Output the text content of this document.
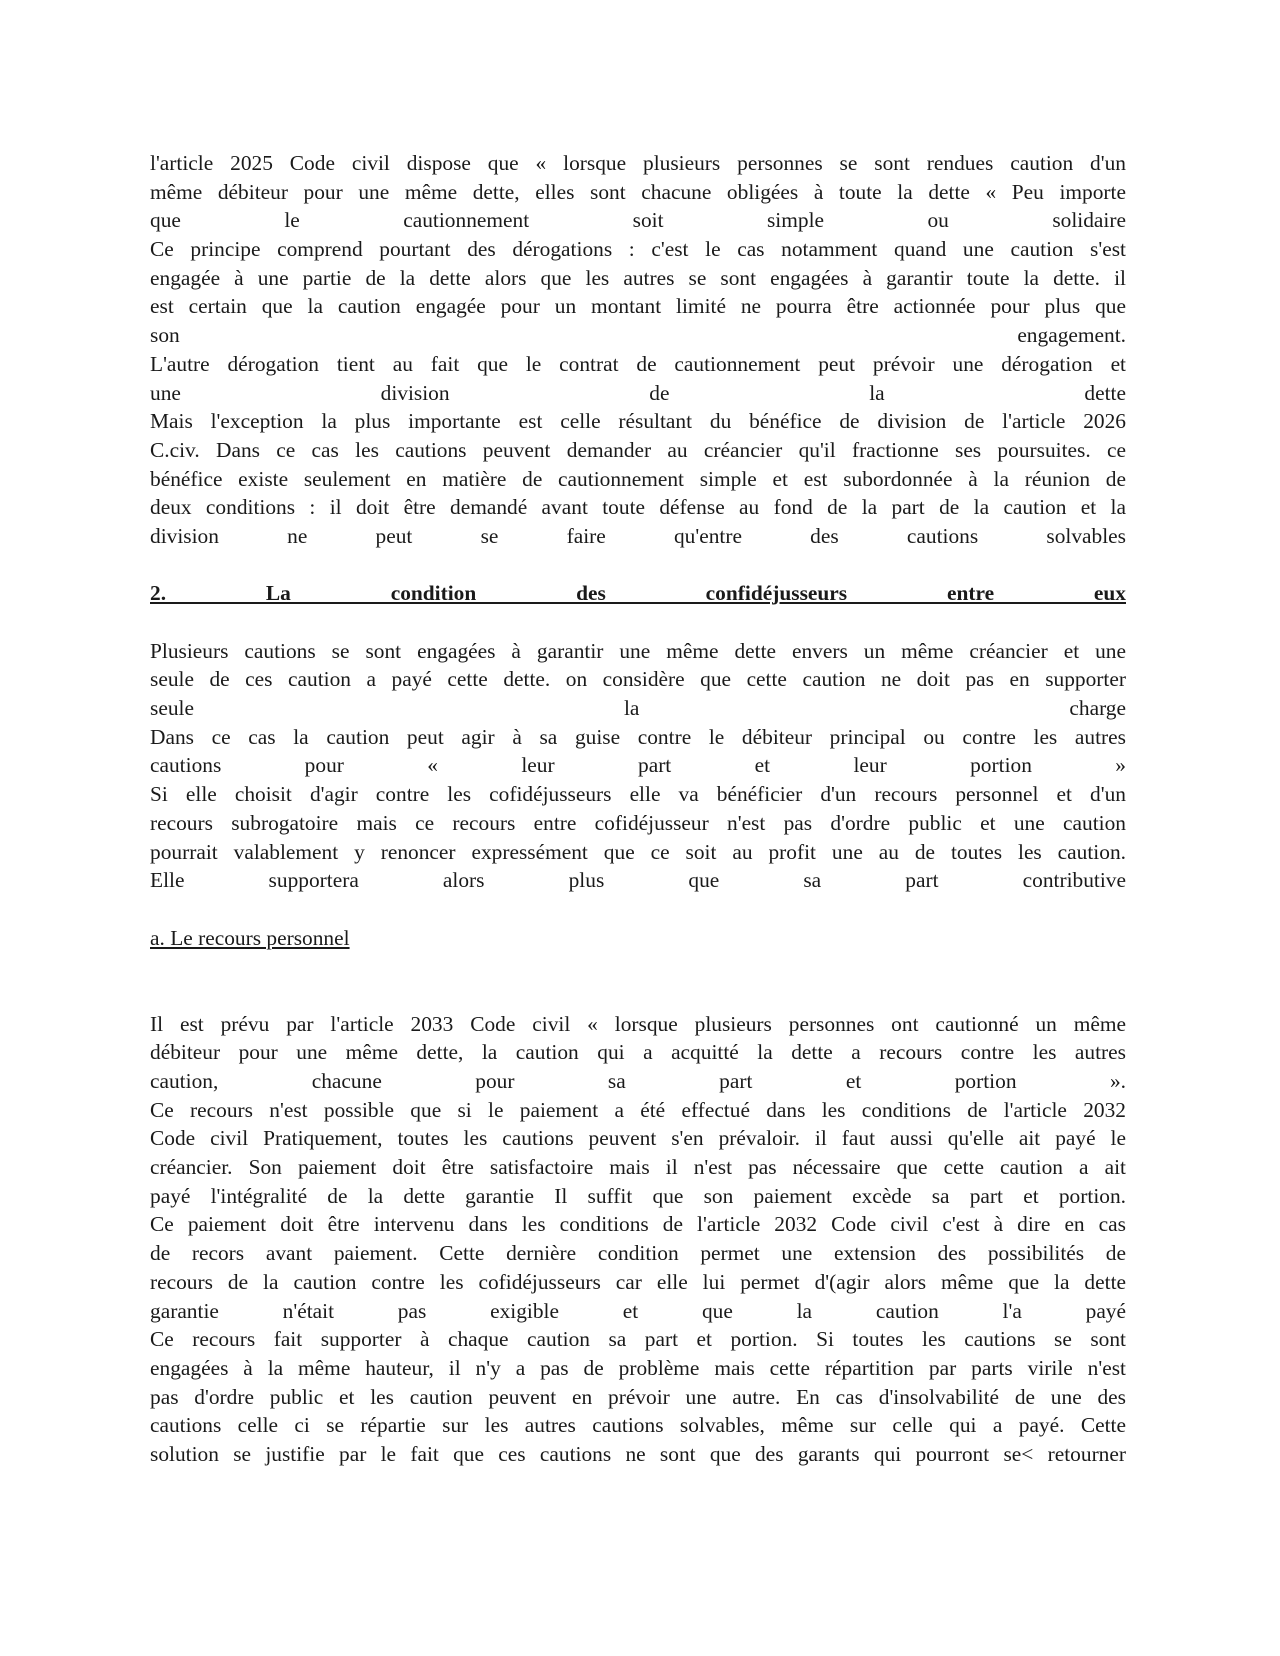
l'article 2025 Code civil dispose que « lorsque plusieurs personnes se sont rendues caution d'un
même débiteur pour une même dette, elles sont chacune obligées à toute la dette « Peu importe
que le cautionnement soit simple ou solidaire
Ce principe comprend pourtant des dérogations : c'est le cas notamment quand une caution s'est
engagée à une partie de la dette alors que les autres se sont engagées à garantir toute la dette. il
est certain que la caution engagée pour un montant limité ne pourra être actionnée pour plus que
son engagement.
L'autre dérogation tient au fait que le contrat de cautionnement peut prévoir une dérogation et
une division de la dette
Mais l'exception la plus importante est celle résultant du bénéfice de division de l'article 2026
C.civ. Dans ce cas les cautions peuvent demander au créancier qu'il fractionne ses poursuites. ce
bénéfice existe seulement en matière de cautionnement simple et est subordonnée à la réunion de
deux conditions : il doit être demandé avant toute défense au fond de la part de la caution et la
division ne peut se faire qu'entre des cautions solvables
2. La condition des confidéjusseurs entre eux
Plusieurs cautions se sont engagées à garantir une même dette envers un même créancier et une
seule de ces caution a payé cette dette. on considère que cette caution ne doit pas en supporter
seule la charge
Dans ce cas la caution peut agir à sa guise contre le débiteur principal ou contre les autres
cautions pour « leur part et leur portion »
Si elle choisit d'agir contre les cofidéjusseurs elle va bénéficier d'un recours personnel et d'un
recours subrogatoire mais ce recours entre cofidéjusseur n'est pas d'ordre public et une caution
pourrait valablement y renoncer expressément que ce soit au profit une au de toutes les caution.
Elle supportera alors plus que sa part contributive
a. Le recours personnel
Il est prévu par l'article 2033 Code civil « lorsque plusieurs personnes ont cautionné un même
débiteur pour une même dette, la caution qui a acquitté la dette a recours contre les autres
caution, chacune pour sa part et portion ».
Ce recours n'est possible que si le paiement a été effectué dans les conditions de l'article 2032
Code civil Pratiquement, toutes les cautions peuvent s'en prévaloir. il faut aussi qu'elle ait payé le
créancier. Son paiement doit être satisfactoire mais il n'est pas nécessaire que cette caution a ait
payé l'intégralité de la dette garantie Il suffit que son paiement excède sa part et portion.
Ce paiement doit être intervenu dans les conditions de l'article 2032 Code civil c'est à dire en cas
de recors avant paiement. Cette dernière condition permet une extension des possibilités de
recours de la caution contre les cofidéjusseurs car elle lui permet d'(agir alors même que la dette
garantie n'était pas exigible et que la caution l'a payé
Ce recours fait supporter à chaque caution sa part et portion. Si toutes les cautions se sont
engagées à la même hauteur, il n'y a pas de problème mais cette répartition par parts virile n'est
pas d'ordre public et les caution peuvent en prévoir une autre. En cas d'insolvabilité de une des
cautions celle ci se répartie sur les autres cautions solvables, même sur celle qui a payé. Cette
solution se justifie par le fait que ces cautions ne sont que des garants qui pourront se< retourner
